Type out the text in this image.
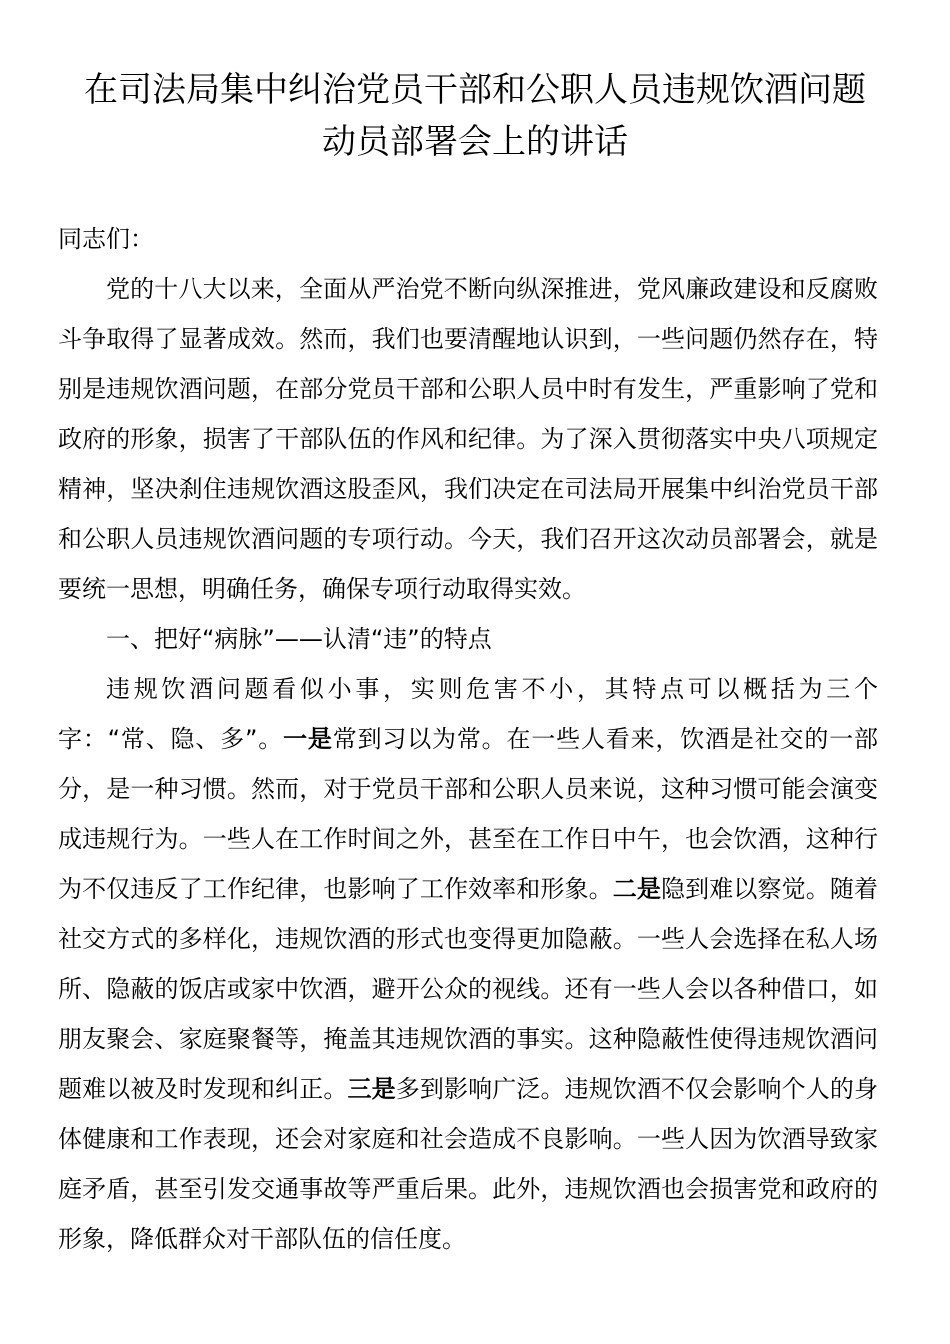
在司法局集中纠治党员干部和公职人员违规饮酒问题
动员部署会上的讲话

同志们：

党的十八大以来，全面从严治党不断向纵深推进，党风廉政建设和反腐败斗争取得了显著成效。然而，我们也要清醒地认识到，一些问题仍然存在，特别是违规饮酒问题，在部分党员干部和公职人员中时有发生，严重影响了党和政府的形象，损害了干部队伍的作风和纪律。为了深入贯彻落实中央八项规定精神，坚决刹住违规饮酒这股歪风，我们决定在司法局开展集中纠治党员干部和公职人员违规饮酒问题的专项行动。今天，我们召开这次动员部署会，就是要统一思想，明确任务，确保专项行动取得实效。

一、把好“病脉”——认清“违”的特点

违规饮酒问题看似小事，实则危害不小，其特点可以概括为三个字：“常、隐、多”。一是常到习以为常。在一些人看来，饮酒是社交的一部分，是一种习惯。然而，对于党员干部和公职人员来说，这种习惯可能会演变成违规行为。一些人在工作时间之外，甚至在工作日中午，也会饮酒，这种行为不仅违反了工作纪律，也影响了工作效率和形象。二是隐到难以察觉。随着社交方式的多样化，违规饮酒的形式也变得更加隐蔽。一些人会选择在私人场所、隐蔽的饭店或家中饮酒，避开公众的视线。还有一些人会以各种借口，如朋友聚会、家庭聚餐等，掩盖其违规饮酒的事实。这种隐蔽性使得违规饮酒问题难以被及时发现和纠正。三是多到影响广泛。违规饮酒不仅会影响个人的身体健康和工作表现，还会对家庭和社会造成不良影响。一些人因为饮酒导致家庭矛盾，甚至引发交通事故等严重后果。此外，违规饮酒也会损害党和政府的形象，降低群众对干部队伍的信任度。
